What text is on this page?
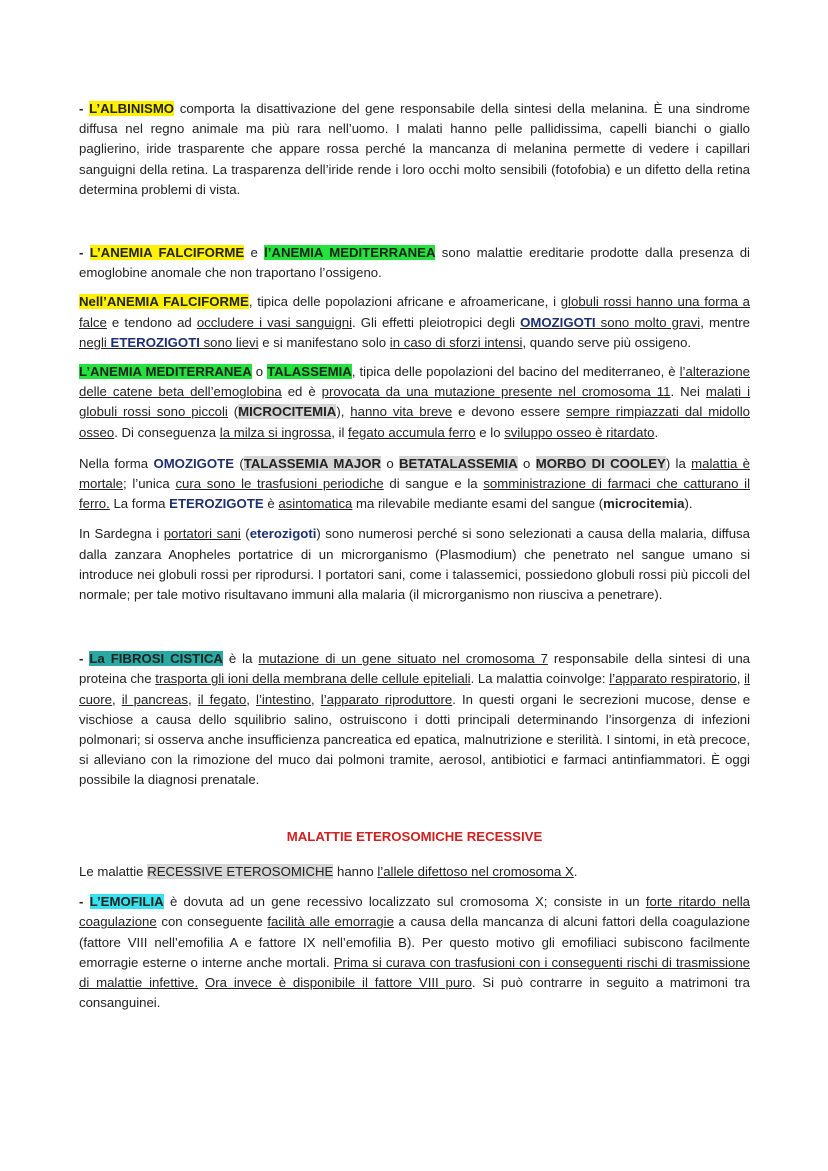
- L’ALBINISMO comporta la disattivazione del gene responsabile della sintesi della melanina. È una sindrome diffusa nel regno animale ma più rara nell’uomo. I malati hanno pelle pallidissima, capelli bianchi o giallo paglierino, iride trasparente che appare rossa perché la mancanza di melanina permette di vedere i capillari sanguigni della retina. La trasparenza dell’iride rende i loro occhi molto sensibili (fotofobia) e un difetto della retina determina problemi di vista.

- L’ANEMIA FALCIFORME e l’ANEMIA MEDITERRANEA sono malattie ereditarie prodotte dalla presenza di emoglobine anomale che non traportano l’ossigeno.

Nell’ANEMIA FALCIFORME, tipica delle popolazioni africane e afroamericane, i globuli rossi hanno una forma a falce e tendono ad occludere i vasi sanguigni. Gli effetti pleiotropici degli OMOZIGOTI sono molto gravi, mentre negli ETEROZIGOTI sono lievi e si manifestano solo in caso di sforzi intensi, quando serve più ossigeno.

L’ANEMIA MEDITERRANEA o TALASSEMIA, tipica delle popolazioni del bacino del mediterraneo, è l’alterazione delle catene beta dell’emoglobina ed è provocata da una mutazione presente nel cromosoma 11. Nei malati i globuli rossi sono piccoli (MICROCITEMIA), hanno vita breve e devono essere sempre rimpiazzati dal midollo osseo. Di conseguenza la milza si ingrossa, il fegato accumula ferro e lo sviluppo osseo è ritardato.

Nella forma OMOZIGOTE (TALASSEMIA MAJOR o BETATALASSEMIA o MORBO DI COOLEY) la malattia è mortale; l’unica cura sono le trasfusioni periodiche di sangue e la somministrazione di farmaci che catturano il ferro. La forma ETEROZIGOTE è asintomatica ma rilevabile mediante esami del sangue (microcitemia).

In Sardegna i portatori sani (eterozigoti) sono numerosi perché si sono selezionati a causa della malaria, diffusa dalla zanzara Anopheles portatrice di un microrganismo (Plasmodium) che penetrato nel sangue umano si introduce nei globuli rossi per riprodursi. I portatori sani, come i talassemici, possiedono globuli rossi più piccoli del normale; per tale motivo risultavano immuni alla malaria (il microrganismo non riusciva a penetrare).

- La FIBROSI CISTICA è la mutazione di un gene situato nel cromosoma 7 responsabile della sintesi di una proteina che trasporta gli ioni della membrana delle cellule epiteliali. La malattia coinvolge: l’apparato respiratorio, il cuore, il pancreas, il fegato, l’intestino, l’apparato riproduttore. In questi organi le secrezioni mucose, dense e vischiose a causa dello squilibrio salino, ostruiscono i dotti principali determinando l’insorgenza di infezioni polmonari; si osserva anche insufficienza pancreatica ed epatica, malnutrizione e sterilità. I sintomi, in età precoce, si alleviano con la rimozione del muco dai polmoni tramite, aerosol, antibiotici e farmaci antinfiammatori. È oggi possibile la diagnosi prenatale.

MALATTIE ETEROSOMICHE RECESSIVE

Le malattie RECESSIVE ETEROSOMICHE hanno l’allele difettoso nel cromosoma X.

- L’EMOFILIA è dovuta ad un gene recessivo localizzato sul cromosoma X; consiste in un forte ritardo nella coagulazione con conseguente facilità alle emorragie a causa della mancanza di alcuni fattori della coagulazione (fattore VIII nell’emofilia A e fattore IX nell’emofilia B). Per questo motivo gli emofiliaci subiscono facilmente emorragie esterne o interne anche mortali. Prima si curava con trasfusioni con i conseguenti rischi di trasmissione di malattie infettive. Ora invece è disponibile il fattore VIII puro. Si può contrarre in seguito a matrimoni tra consanguinei.
